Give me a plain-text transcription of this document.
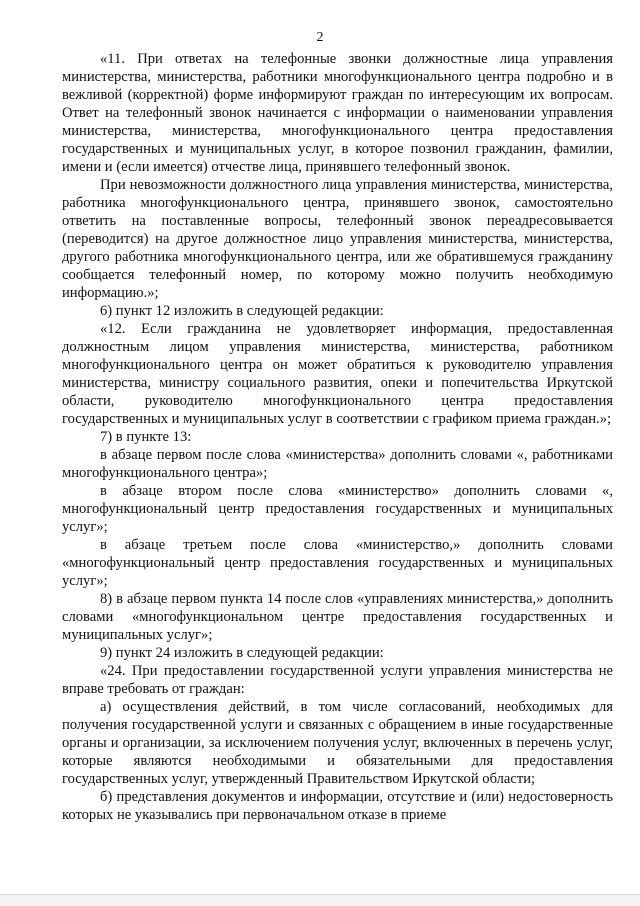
2

«11. При ответах на телефонные звонки должностные лица управления министерства, министерства, работники многофункционального центра подробно и в вежливой (корректной) форме информируют граждан по интересующим их вопросам. Ответ на телефонный звонок начинается с информации о наименовании управления министерства, министерства, многофункционального центра предоставления государственных и муниципальных услуг, в которое позвонил гражданин, фамилии, имени и (если имеется) отчестве лица, принявшего телефонный звонок.

При невозможности должностного лица управления министерства, министерства, работника многофункционального центра, принявшего звонок, самостоятельно ответить на поставленные вопросы, телефонный звонок переадресовывается (переводится) на другое должностное лицо управления министерства, министерства, другого работника многофункционального центра, или же обратившемуся гражданину сообщается телефонный номер, по которому можно получить необходимую информацию.»;

6) пункт 12 изложить в следующей редакции:

«12. Если гражданина не удовлетворяет информация, предоставленная должностным лицом управления министерства, министерства, работником многофункционального центра он может обратиться к руководителю управления министерства, министру социального развития, опеки и попечительства Иркутской области, руководителю многофункционального центра предоставления государственных и муниципальных услуг в соответствии с графиком приема граждан.»;

7) в пункте 13:

в абзаце первом после слова «министерства» дополнить словами «, работниками многофункционального центра»;

в абзаце втором после слова «министерство» дополнить словами «, многофункциональный центр предоставления государственных и муниципальных услуг»;

в абзаце третьем после слова «министерство,» дополнить словами «многофункциональный центр предоставления государственных и муниципальных услуг»;

8) в абзаце первом пункта 14 после слов «управлениях министерства,» дополнить словами «многофункциональном центре предоставления государственных и муниципальных услуг»;

9) пункт 24 изложить в следующей редакции:

«24. При предоставлении государственной услуги управления министерства не вправе требовать от граждан:

а) осуществления действий, в том числе согласований, необходимых для получения государственной услуги и связанных с обращением в иные государственные органы и организации, за исключением получения услуг, включенных в перечень услуг, которые являются необходимыми и обязательными для предоставления государственных услуг, утвержденный Правительством Иркутской области;

б) представления документов и информации, отсутствие и (или) недостоверность которых не указывались при первоначальном отказе в приеме
